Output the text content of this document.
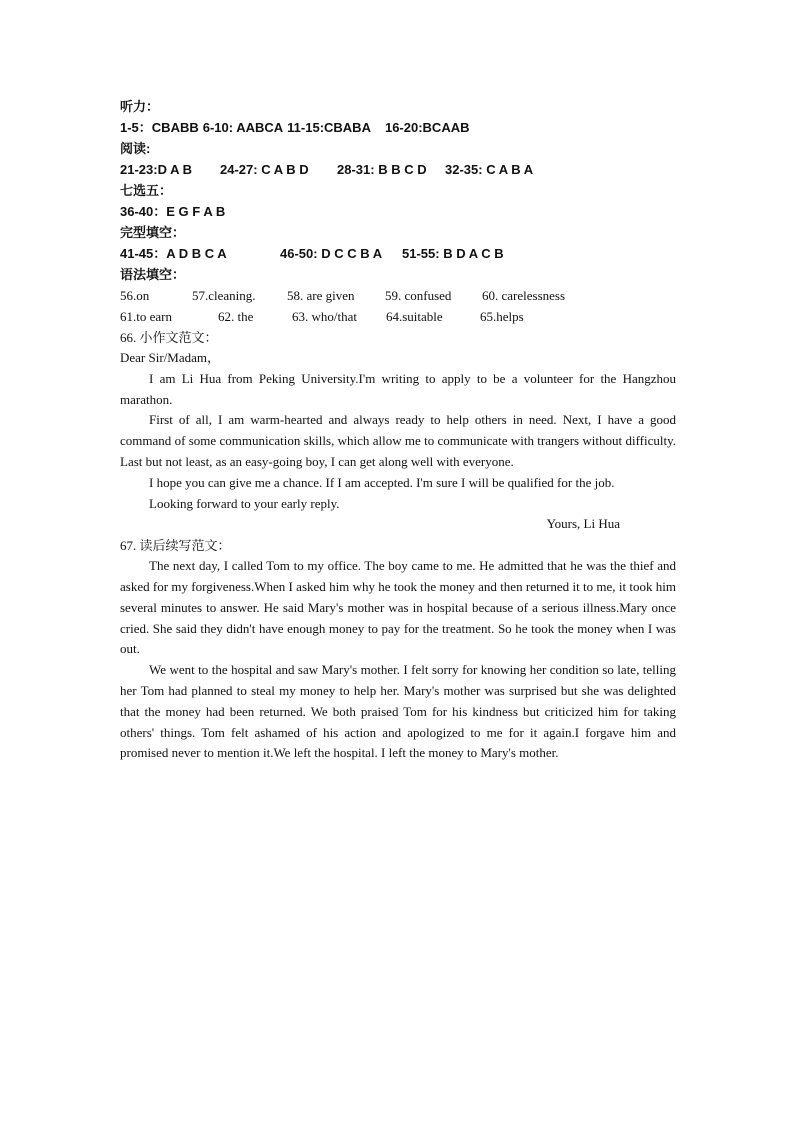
听力：
1-5：CBABB 6-10: AABCA 11-15:CBABA 16-20:BCAAB
阅读:
21-23:D A B	24-27: C A B D	28-31: B B C D	32-35: C A B A
七选五：
36-40：E G F A B
完型填空：
41-45：A D B C A	46-50: D C C B A	51-55: B D A C B
语法填空：
56.on	57.cleaning.	58. are given	59. confused	60. carelessness
61.to earn	62. the	63. who/that	64.suitable	65.helps
66. 小作文范文：
Dear Sir/Madam，

I am Li Hua from Peking University.I'm writing to apply to be a volunteer for the Hangzhou marathon.

First of all, I am warm-hearted and always ready to help others in need. Next, I have a good command of some communication skills, which allow me to communicate with trangers without difficulty. Last but not least, as an easy-going boy, I can get along well with everyone.

I hope you can give me a chance. If I am accepted. I'm sure I will be qualified for the job.

Looking forward to your early reply.

Yours, Li Hua
67. 读后续写范文：

The next day, I called Tom to my office. The boy came to me. He admitted that he was the thief and asked for my forgiveness.When I asked him why he took the money and then returned it to me, it took him several minutes to answer. He said Mary's mother was in hospital because of a serious illness.Mary once cried. She said they didn't have enough money to pay for the treatment. So he took the money when I was out.

We went to the hospital and saw Mary's mother. I felt sorry for knowing her condition so late, telling her Tom had planned to steal my money to help her. Mary's mother was surprised but she was delighted that the money had been returned. We both praised Tom for his kindness but criticized him for taking others' things. Tom felt ashamed of his action and apologized to me for it again.I forgave him and promised never to mention it.We left the hospital. I left the money to Mary's mother.
